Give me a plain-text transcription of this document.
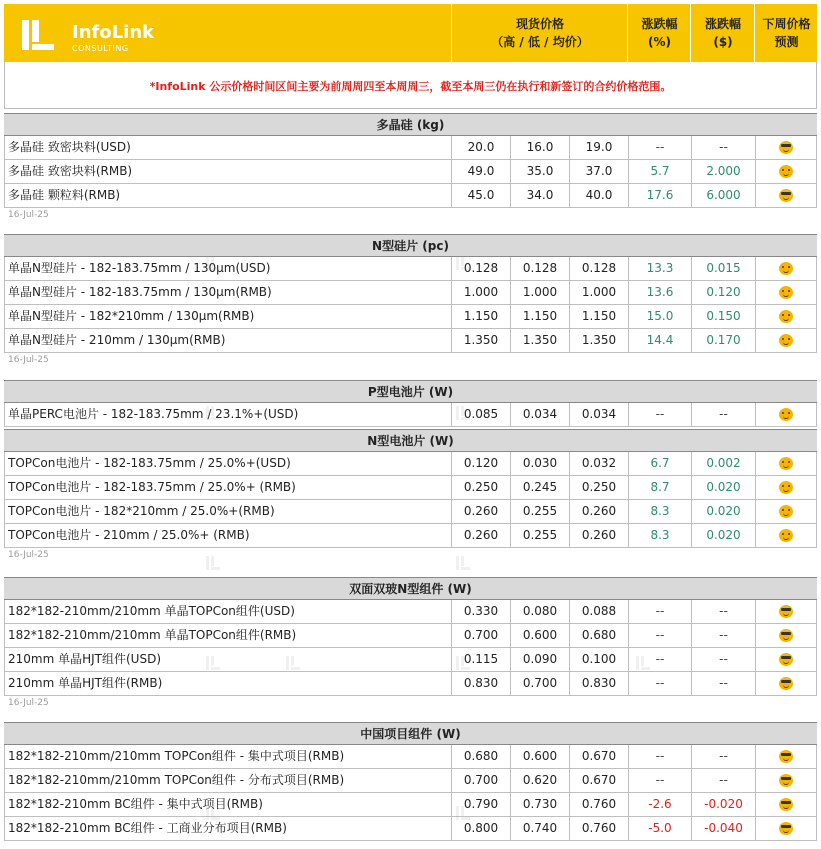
InfoLink
CONSULTING
现货价格
（高 / 低 / 均价）
涨跌幅
(%)
涨跌幅
($)
下周价格
预测
*InfoLink 公示价格时间区间主要为前周周四至本周周三，截至本周三仍在执行和新签订的合约价格范围。
多晶硅 (kg)
多晶硅 致密块料(USD)	20.0	16.0	19.0	--	--
多晶硅 致密块料(RMB)	49.0	35.0	37.0	5.7	2.000
多晶硅 颗粒料(RMB)	45.0	34.0	40.0	17.6	6.000
16-Jul-25
N型硅片 (pc)
单晶N型硅片 - 182-183.75mm / 130μm(USD)	0.128	0.128	0.128	13.3	0.015
单晶N型硅片 - 182-183.75mm / 130μm(RMB)	1.000	1.000	1.000	13.6	0.120
单晶N型硅片 - 182*210mm / 130μm(RMB)	1.150	1.150	1.150	15.0	0.150
单晶N型硅片 - 210mm / 130μm(RMB)	1.350	1.350	1.350	14.4	0.170
16-Jul-25
P型电池片 (W)
单晶PERC电池片 - 182-183.75mm / 23.1%+(USD)	0.085	0.034	0.034	--	--
N型电池片 (W)
TOPCon电池片 - 182-183.75mm / 25.0%+(USD)	0.120	0.030	0.032	6.7	0.002
TOPCon电池片 - 182-183.75mm / 25.0%+ (RMB)	0.250	0.245	0.250	8.7	0.020
TOPCon电池片 - 182*210mm / 25.0%+(RMB)	0.260	0.255	0.260	8.3	0.020
TOPCon电池片 - 210mm / 25.0%+ (RMB)	0.260	0.255	0.260	8.3	0.020
16-Jul-25
双面双玻N型组件 (W)
182*182-210mm/210mm 单晶TOPCon组件(USD)	0.330	0.080	0.088	--	--
182*182-210mm/210mm 单晶TOPCon组件(RMB)	0.700	0.600	0.680	--	--
210mm 单晶HJT组件(USD)	0.115	0.090	0.100	--	--
210mm 单晶HJT组件(RMB)	0.830	0.700	0.830	--	--
16-Jul-25
中国项目组件 (W)
182*182-210mm/210mm TOPCon组件 - 集中式项目(RMB)	0.680	0.600	0.670	--	--
182*182-210mm/210mm TOPCon组件 - 分布式项目(RMB)	0.700	0.620	0.670	--	--
182*182-210mm BC组件 - 集中式项目(RMB)	0.790	0.730	0.760	-2.6	-0.020
182*182-210mm BC组件 - 工商业分布项目(RMB)	0.800	0.740	0.760	-5.0	-0.040
